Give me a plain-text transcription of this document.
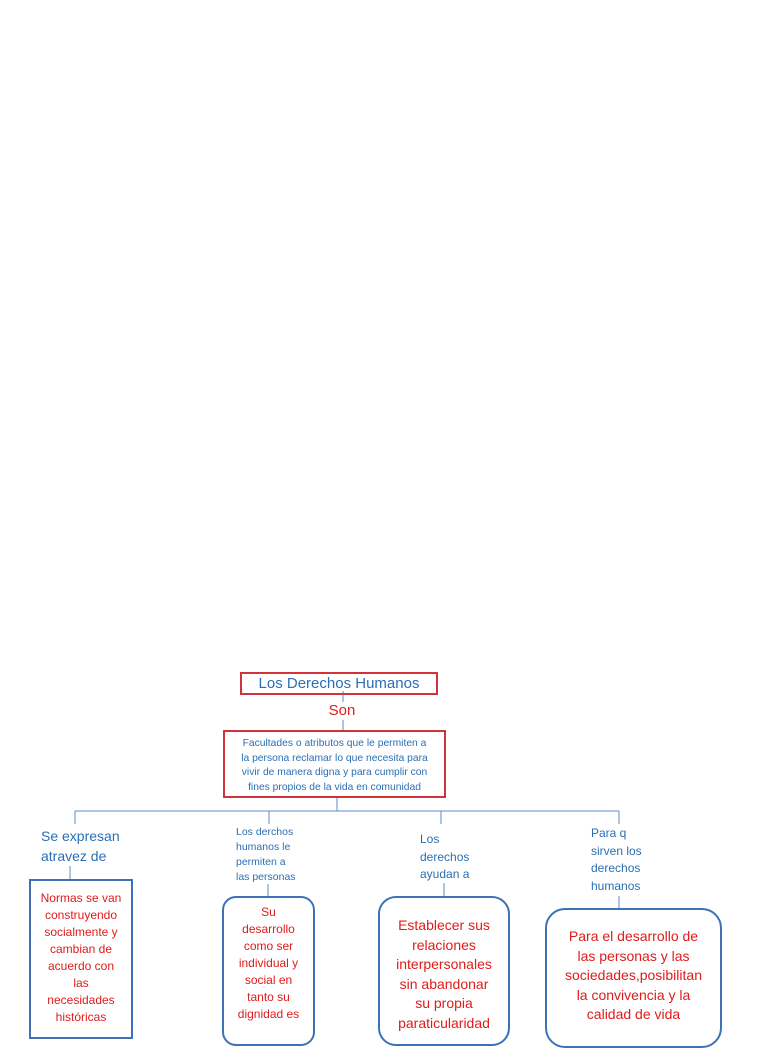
Los Derechos Humanos
Son
Facultades o atributos que le permiten a
la persona reclamar lo que necesita para
vivir de manera digna y para cumplir con
fines propios de la vida en comunidad
Se expresan
atravez de
Los derchos
humanos le
permiten a
las personas
Los
derechos
ayudan a
Para q
sirven los
derechos
humanos
Normas se van
construyendo
socialmente y
cambian de
acuerdo con
las
necesidades
históricas
Su
desarrollo
como ser
individual y
social en
tanto su
dignidad es
Establecer sus
relaciones
interpersonales
sin abandonar
su propia
paraticularidad
Para el desarrollo de
las personas y las
sociedades,posibilitan
la convivencia y la
calidad de vida
